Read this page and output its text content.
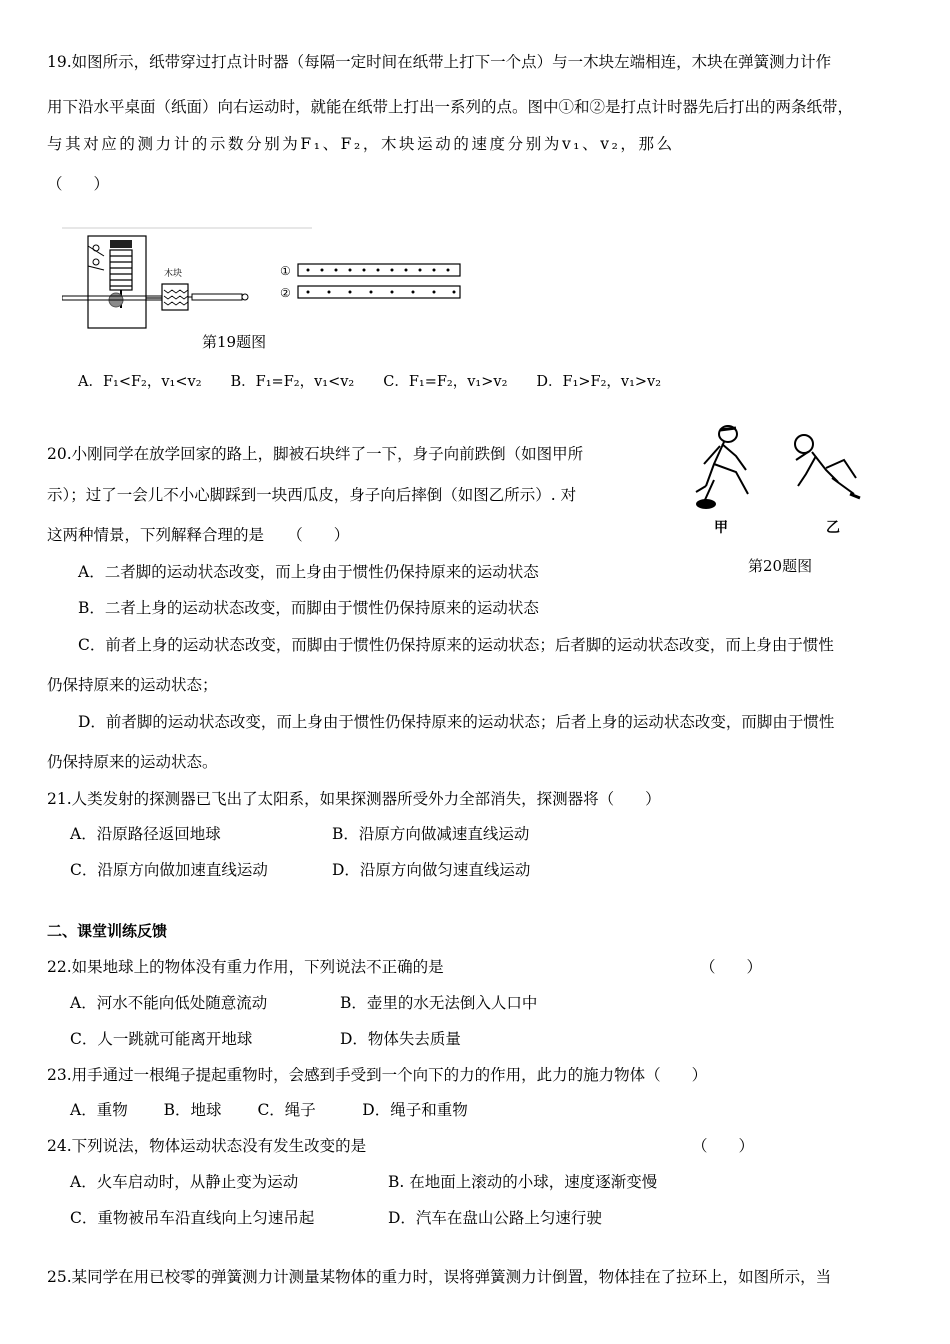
19.如图所示，纸带穿过打点计时器（每隔一定时间在纸带上打下一个点）与一木块左端相连，木块在弹簧测力计作
用下沿水平桌面（纸面）向右运动时，就能在纸带上打出一系列的点。图中①和②是打点计时器先后打出的两条纸带，
与其对应的测力计的示数分别为F₁、F₂，木块运动的速度分别为v₁、v₂，那么
（　　）
木块	①
②
第19题图
A．F₁<F₂，v₁<v₂　　B．F₁=F₂，v₁<v₂　　C．F₁=F₂，v₁>v₂　　D．F₁>F₂，v₁>v₂
20.小刚同学在放学回家的路上，脚被石块绊了一下，身子向前跌倒（如图甲所
示）；过了一会儿不小心脚踩到一块西瓜皮，身子向后摔倒（如图乙所示）. 对
这两种情景，下列解释合理的是　　（　　）	甲	乙
第20题图
A．二者脚的运动状态改变，而上身由于惯性仍保持原来的运动状态
B．二者上身的运动状态改变，而脚由于惯性仍保持原来的运动状态
C．前者上身的运动状态改变，而脚由于惯性仍保持原来的运动状态；后者脚的运动状态改变，而上身由于惯性
仍保持原来的运动状态；
D．前者脚的运动状态改变，而上身由于惯性仍保持原来的运动状态；后者上身的运动状态改变，而脚由于惯性
仍保持原来的运动状态。
21.人类发射的探测器已飞出了太阳系，如果探测器所受外力全部消失，探测器将（　　）
A．沿原路径返回地球	B．沿原方向做减速直线运动
C．沿原方向做加速直线运动	D．沿原方向做匀速直线运动
二、课堂训练反馈
22.如果地球上的物体没有重力作用，下列说法不正确的是	（　　）
A．河水不能向低处随意流动	B．壶里的水无法倒入人口中
C．人一跳就可能离开地球	D．物体失去质量
23.用手通过一根绳子提起重物时，会感到手受到一个向下的力的作用，此力的施力物体（　　）
A．重物　　 B．地球　　 C．绳子　　　D．绳子和重物
24.下列说法，物体运动状态没有发生改变的是	（　　）
A．火车启动时，从静止变为运动	B. 在地面上滚动的小球，速度逐渐变慢
C．重物被吊车沿直线向上匀速吊起	D．汽车在盘山公路上匀速行驶
25.某同学在用已校零的弹簧测力计测量某物体的重力时，误将弹簧测力计倒置，物体挂在了拉环上，如图所示，当
